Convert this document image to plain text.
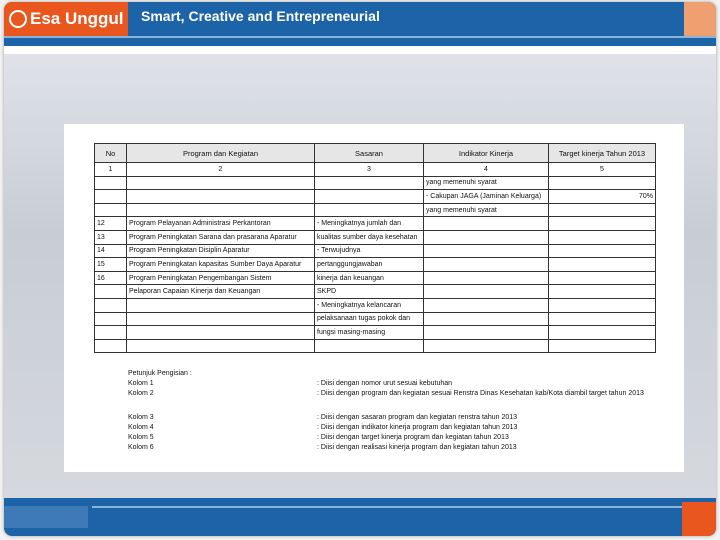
Esa Unggul Smart, Creative and Entrepreneurial
No	Program dan Kegiatan	Sasaran	Indikator Kinerja	Target kinerja Tahun 2013
1	2	3	4	5
			yang memenuhi syarat	
			- Cakupan JAGA (Jaminan Keluarga)	70%
			yang memenuhi syarat	
12	Program Pelayanan Administrasi Perkantoran	- Meningkatnya jumlah dan		
13	Program Peningkatan Sarana dan prasarana Aparatur	kualitas sumber daya kesehatan		
14	Program Peningkatan Disiplin Aparatur	- Terwujudnya		
15	Program Peningkatan kapasitas Sumber Daya Aparatur	pertanggungjawaban		
16	Program Peningkatan Pengembangan Sistem	kinerja dan keuangan		
	Pelaporan Capaian Kinerja dan Keuangan	SKPD		
		- Meningkatnya kelancaran		
		pelaksanaan tugas pokok dan		
		fungsi masing-masing		

Petunjuk Pengisian :
Kolom 1	: Diisi dengan nomor urut sesuai kebutuhan
Kolom 2	: Diisi dengan program dan kegiatan sesuai Renstra Dinas Kesehatan kab/Kota diambil target tahun 2013
Kolom 3	: Diisi dengan sasaran program dan kegiatan renstra tahun 2013
Kolom 4	: Diisi dengan indikator kinerja program dan kegiatan tahun 2013
Kolom 5	: Diisi dengan target kinerja program dan kegiatan tahun 2013
Kolom 6	: Diisi dengan realisasi kinerja program dan kegiatan tahun 2013
